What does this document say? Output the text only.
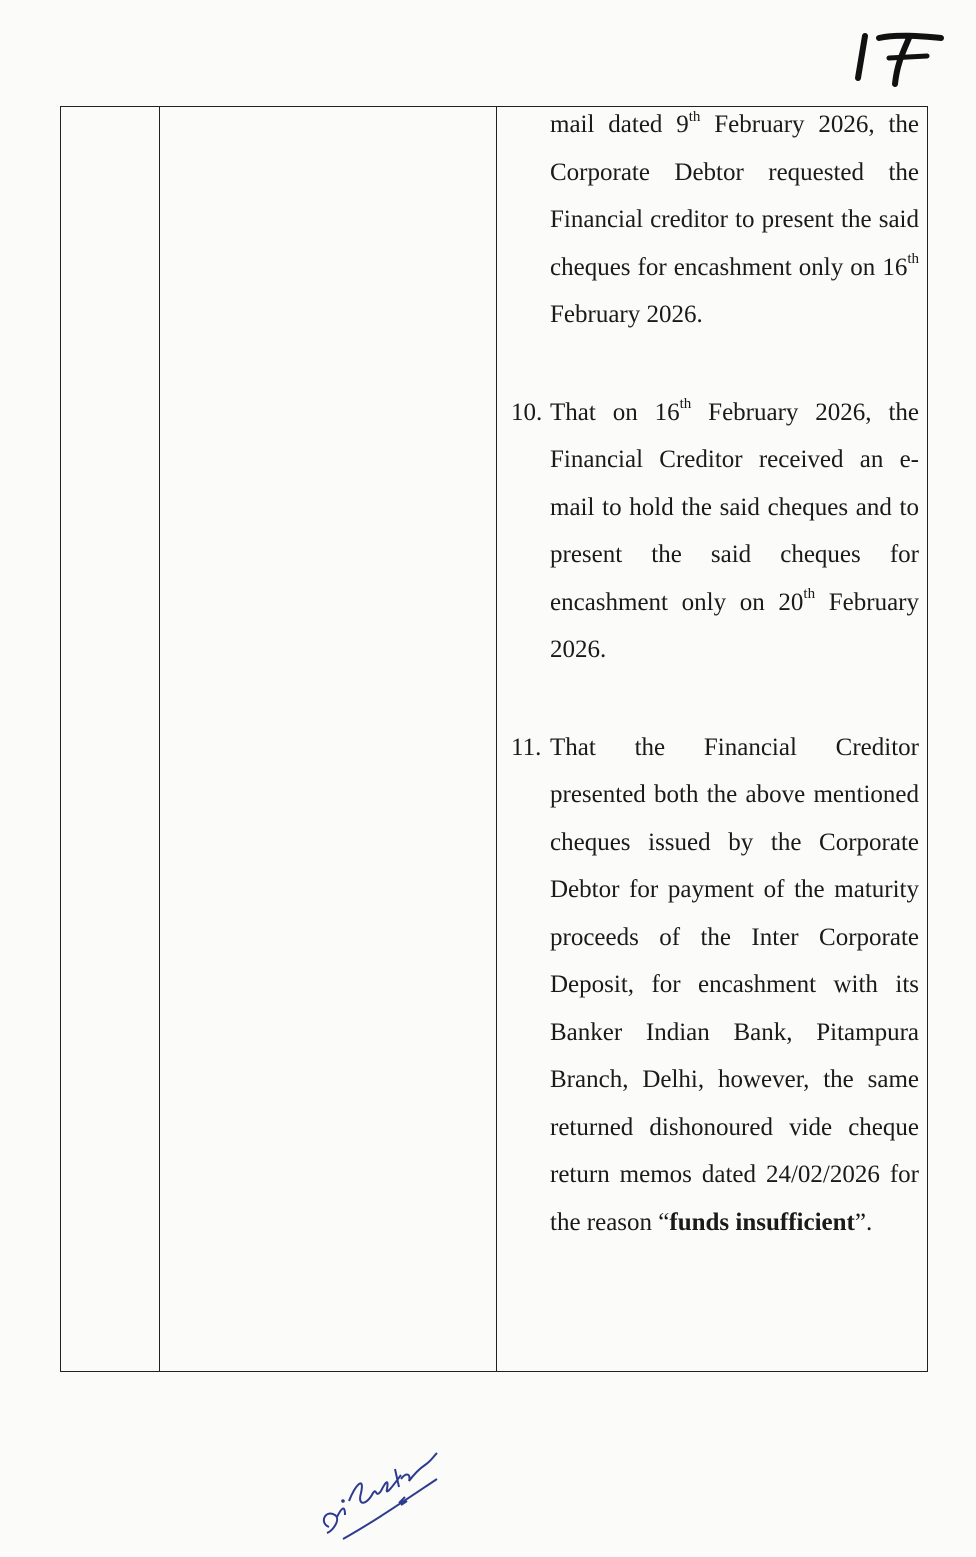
mail dated 9th February 2026, the Corporate Debtor requested the Financial creditor to present the said cheques for encashment only on 16th February 2026.

10. That on 16th February 2026, the Financial Creditor received an e-mail to hold the said cheques and to present the said cheques for encashment only on 20th February 2026.

11. That the Financial Creditor presented both the above mentioned cheques issued by the Corporate Debtor for payment of the maturity proceeds of the Inter Corporate Deposit, for encashment with its Banker Indian Bank, Pitampura Branch, Delhi, however, the same returned dishonoured vide cheque return memos dated 24/02/2026 for the reason “funds insufficient”.
